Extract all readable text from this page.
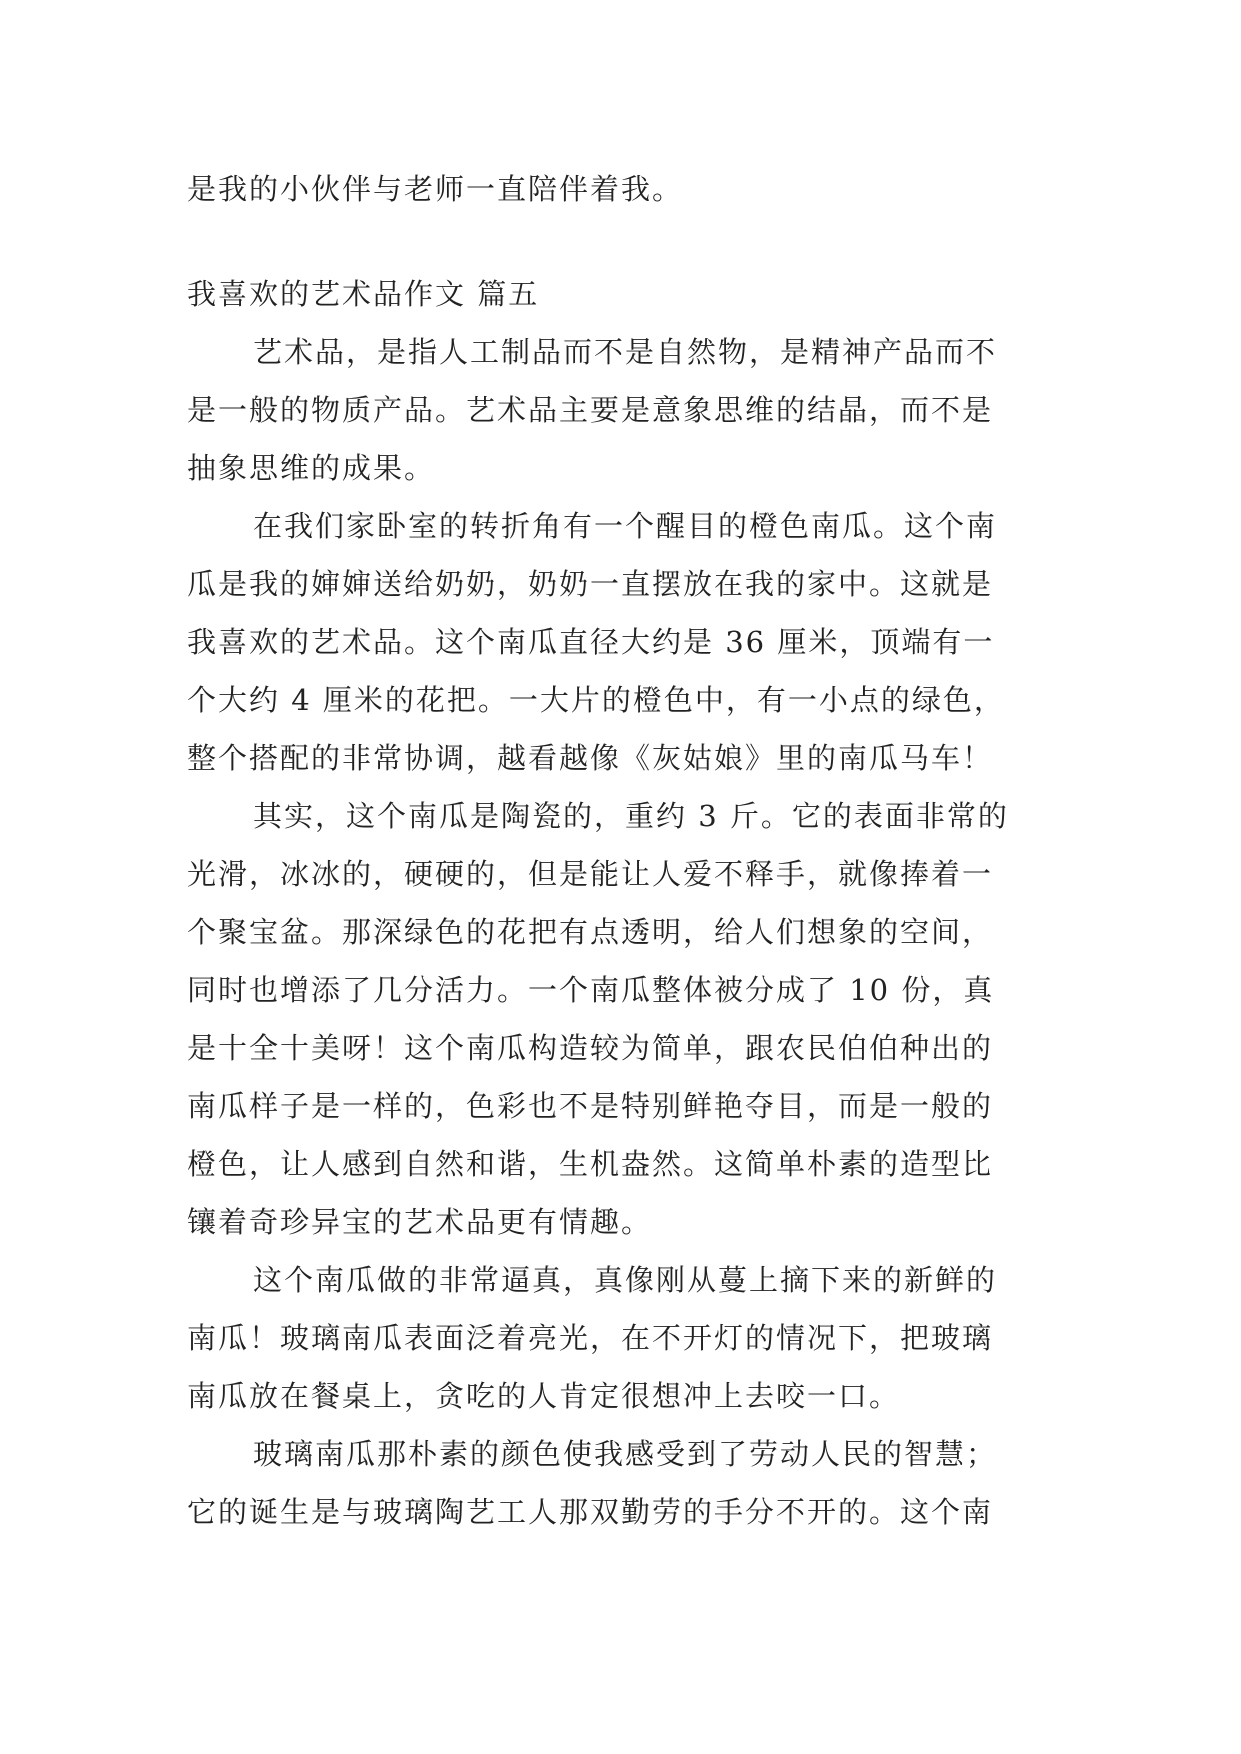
是我的小伙伴与老师一直陪伴着我。

我喜欢的艺术品作文 篇五

艺术品，是指人工制品而不是自然物，是精神产品而不
是一般的物质产品。艺术品主要是意象思维的结晶，而不是
抽象思维的成果。

在我们家卧室的转折角有一个醒目的橙色南瓜。这个南
瓜是我的婶婶送给奶奶，奶奶一直摆放在我的家中。这就是
我喜欢的艺术品。这个南瓜直径大约是 36 厘米，顶端有一
个大约 4 厘米的花把。一大片的橙色中，有一小点的绿色，
整个搭配的非常协调，越看越像《灰姑娘》里的南瓜马车！

其实，这个南瓜是陶瓷的，重约 3 斤。它的表面非常的
光滑，冰冰的，硬硬的，但是能让人爱不释手，就像捧着一
个聚宝盆。那深绿色的花把有点透明，给人们想象的空间，
同时也增添了几分活力。一个南瓜整体被分成了 10 份，真
是十全十美呀！这个南瓜构造较为简单，跟农民伯伯种出的
南瓜样子是一样的，色彩也不是特别鲜艳夺目，而是一般的
橙色，让人感到自然和谐，生机盎然。这简单朴素的造型比
镶着奇珍异宝的艺术品更有情趣。

这个南瓜做的非常逼真，真像刚从蔓上摘下来的新鲜的
南瓜！玻璃南瓜表面泛着亮光，在不开灯的情况下，把玻璃
南瓜放在餐桌上，贪吃的人肯定很想冲上去咬一口。

玻璃南瓜那朴素的颜色使我感受到了劳动人民的智慧；
它的诞生是与玻璃陶艺工人那双勤劳的手分不开的。这个南
